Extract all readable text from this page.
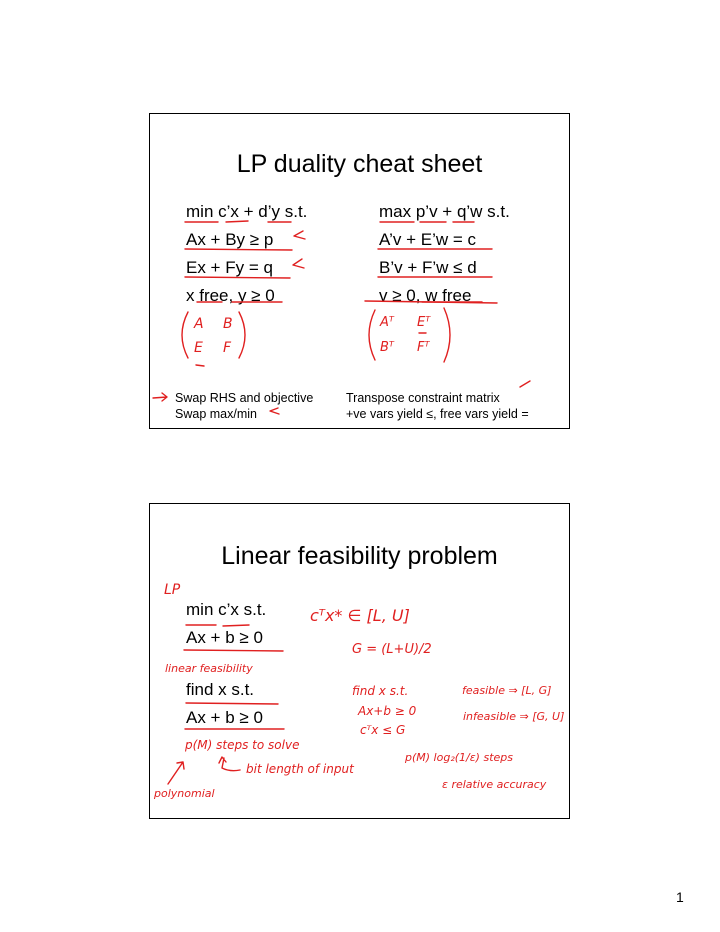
LP duality cheat sheet
min c’x + d’y s.t.
Ax + By ≥ p
Ex + Fy = q
x free, y ≥ 0
max p’v + q’w s.t.
A’v + E’w = c
B’v + F’w ≤ d
v ≥ 0, w free
Swap RHS and objective
Swap max/min
Transpose constraint matrix
+ve vars yield ≤, free vars yield =
Linear feasibility problem
min c’x s.t.
Ax + b ≥ 0
find x s.t.
Ax + b ≥ 0
A B
E F
Aᵀ Eᵀ
Bᵀ Fᵀ
LP
cᵀx* ∈ [L, U]
G = (L+U)/2
linear feasibility
find x s.t.
Ax+b ≥ 0
cᵀx ≤ G
feasible ⇒ [L, G]
infeasible ⇒ [G, U]
p(M) steps to solve
bit length of input
polynomial
p(M) log₂(1/ε) steps
ε relative accuracy
1
